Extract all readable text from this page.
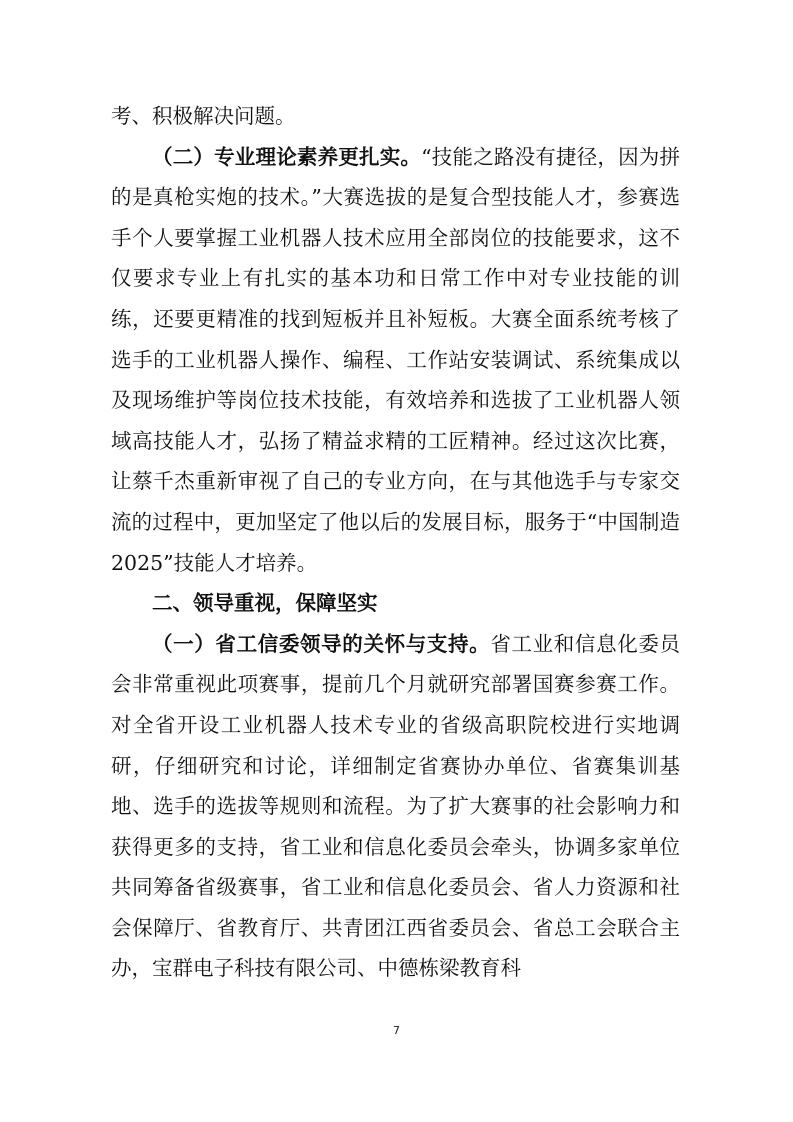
考、积极解决问题。

（二）专业理论素养更扎实。“技能之路没有捷径，因为拼的是真枪实炮的技术。”大赛选拔的是复合型技能人才，参赛选手个人要掌握工业机器人技术应用全部岗位的技能要求，这不仅要求专业上有扎实的基本功和日常工作中对专业技能的训练，还要更精准的找到短板并且补短板。大赛全面系统考核了选手的工业机器人操作、编程、工作站安装调试、系统集成以及现场维护等岗位技术技能，有效培养和选拔了工业机器人领域高技能人才，弘扬了精益求精的工匠精神。经过这次比赛，让蔡千杰重新审视了自己的专业方向，在与其他选手与专家交流的过程中，更加坚定了他以后的发展目标，服务于“中国制造 2025”技能人才培养。

二、领导重视，保障坚实

（一）省工信委领导的关怀与支持。省工业和信息化委员会非常重视此项赛事，提前几个月就研究部署国赛参赛工作。对全省开设工业机器人技术专业的省级高职院校进行实地调研，仔细研究和讨论，详细制定省赛协办单位、省赛集训基地、选手的选拔等规则和流程。为了扩大赛事的社会影响力和获得更多的支持，省工业和信息化委员会牵头，协调多家单位共同筹备省级赛事，省工业和信息化委员会、省人力资源和社会保障厅、省教育厅、共青团江西省委员会、省总工会联合主办，宝群电子科技有限公司、中德栋梁教育科

7
